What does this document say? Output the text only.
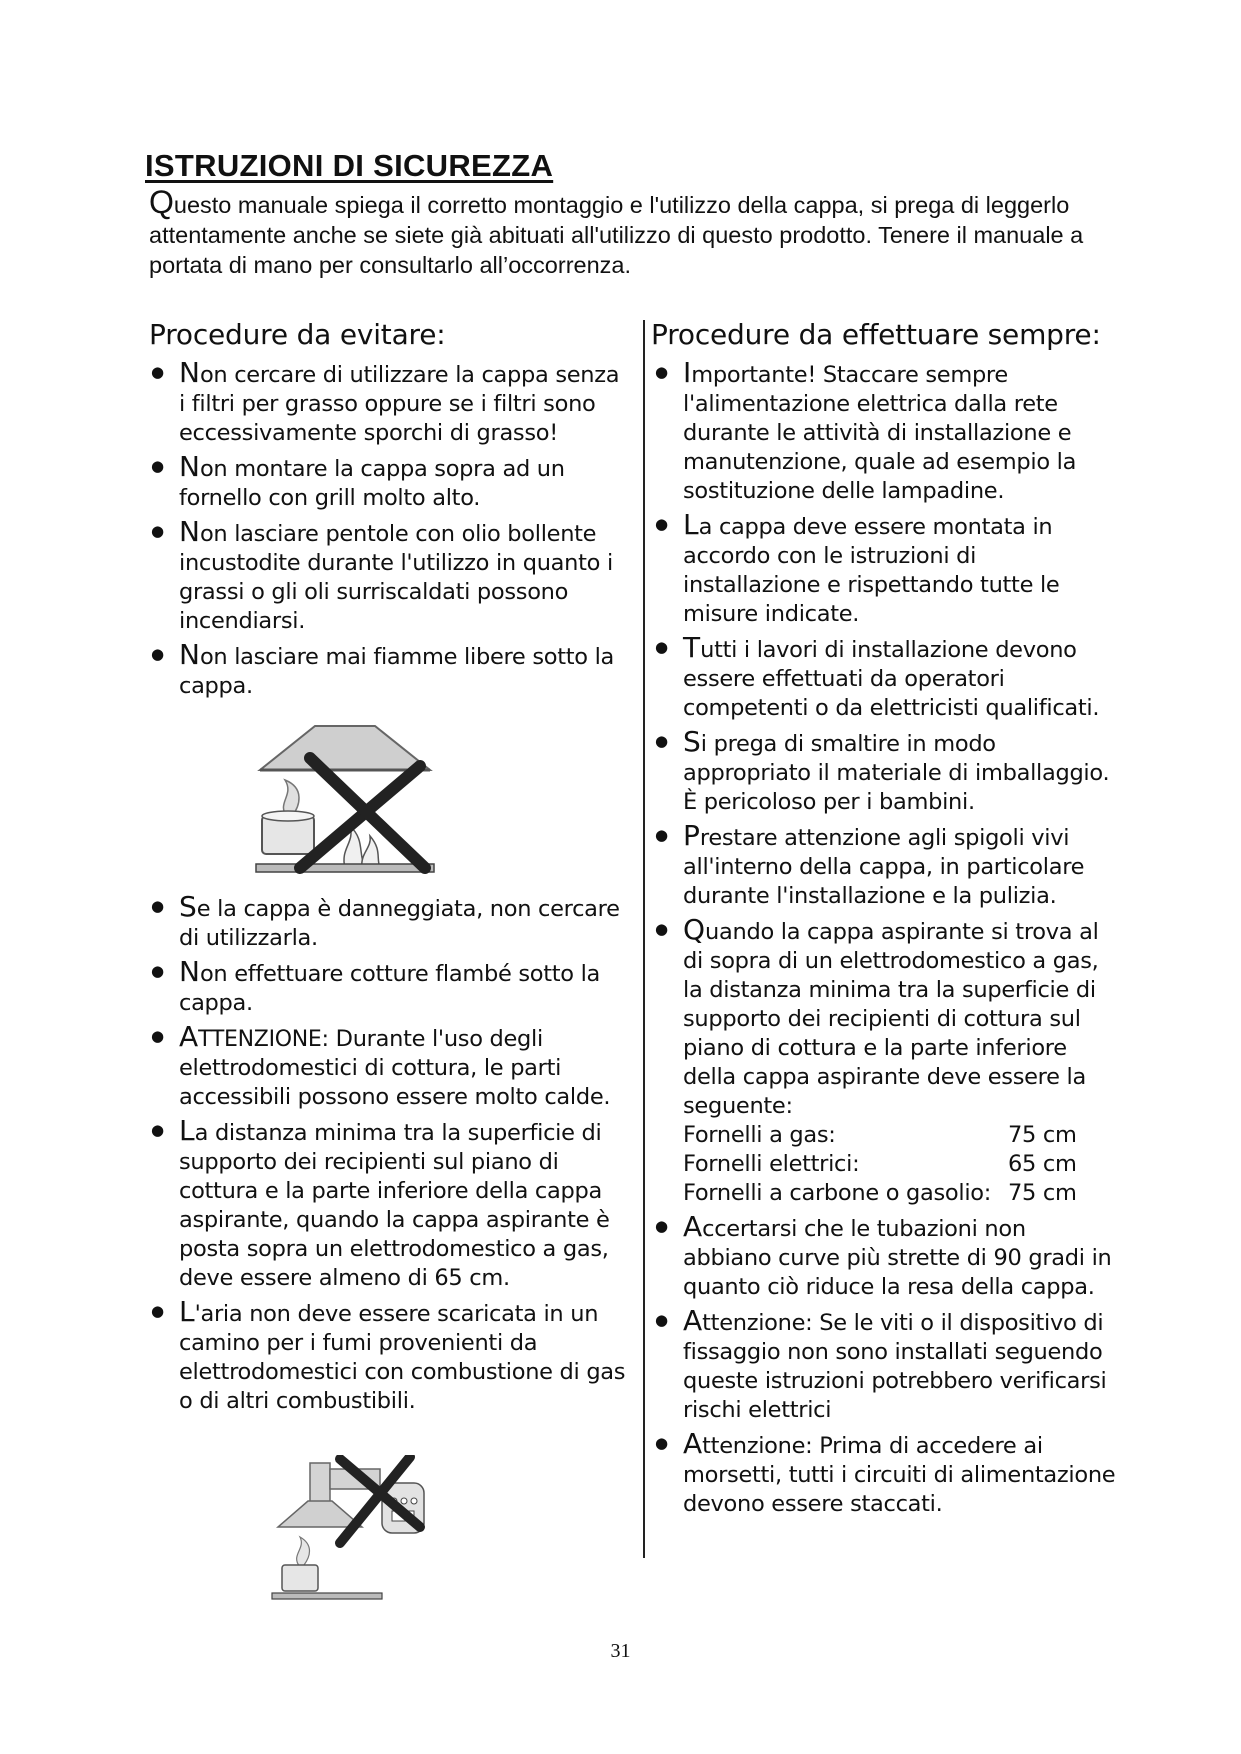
ISTRUZIONI DI SICUREZZA
Questo manuale spiega il corretto montaggio e l'utilizzo della cappa, si prega di leggerlo attentamente anche se siete già abituati all'utilizzo di questo prodotto. Tenere il manuale a portata di mano per consultarlo all’occorrenza.
Procedure da evitare:	Procedure da effettuare sempre:
● Non cercare di utilizzare la cappa senza i filtri per grasso oppure se i filtri sono eccessivamente sporchi di grasso!
● Non montare la cappa sopra ad un fornello con grill molto alto.
● Non lasciare pentole con olio bollente incustodite durante l'utilizzo in quanto i grassi o gli oli surriscaldati possono incendiarsi.
● Non lasciare mai fiamme libere sotto la cappa.
● Se la cappa è danneggiata, non cercare di utilizzarla.
● Non effettuare cotture flambé sotto la cappa.
● ATTENZIONE: Durante l'uso degli elettrodomestici di cottura, le parti accessibili possono essere molto calde.
● La distanza minima tra la superficie di supporto dei recipienti sul piano di cottura e la parte inferiore della cappa aspirante, quando la cappa aspirante è posta sopra un elettrodomestico a gas, deve essere almeno di 65 cm.
● L'aria non deve essere scaricata in un camino per i fumi provenienti da elettrodomestici con combustione di gas o di altri combustibili.
● Importante! Staccare sempre l'alimentazione elettrica dalla rete durante le attività di installazione e manutenzione, quale ad esempio la sostituzione delle lampadine.
● La cappa deve essere montata in accordo con le istruzioni di installazione e rispettando tutte le misure indicate.
● Tutti i lavori di installazione devono essere effettuati da operatori competenti o da elettricisti qualificati.
● Si prega di smaltire in modo appropriato il materiale di imballaggio. È pericoloso per i bambini.
● Prestare attenzione agli spigoli vivi all'interno della cappa, in particolare durante l'installazione e la pulizia.
● Quando la cappa aspirante si trova al di sopra di un elettrodomestico a gas, la distanza minima tra la superficie di supporto dei recipienti di cottura sul piano di cottura e la parte inferiore della cappa aspirante deve essere la seguente:
Fornelli a gas:	75 cm
Fornelli elettrici:	65 cm
Fornelli a carbone o gasolio: 75 cm
● Accertarsi che le tubazioni non abbiano curve più strette di 90 gradi in quanto ciò riduce la resa della cappa.
● Attenzione: Se le viti o il dispositivo di fissaggio non sono installati seguendo queste istruzioni potrebbero verificarsi rischi elettrici
● Attenzione: Prima di accedere ai morsetti, tutti i circuiti di alimentazione devono essere staccati.
31
